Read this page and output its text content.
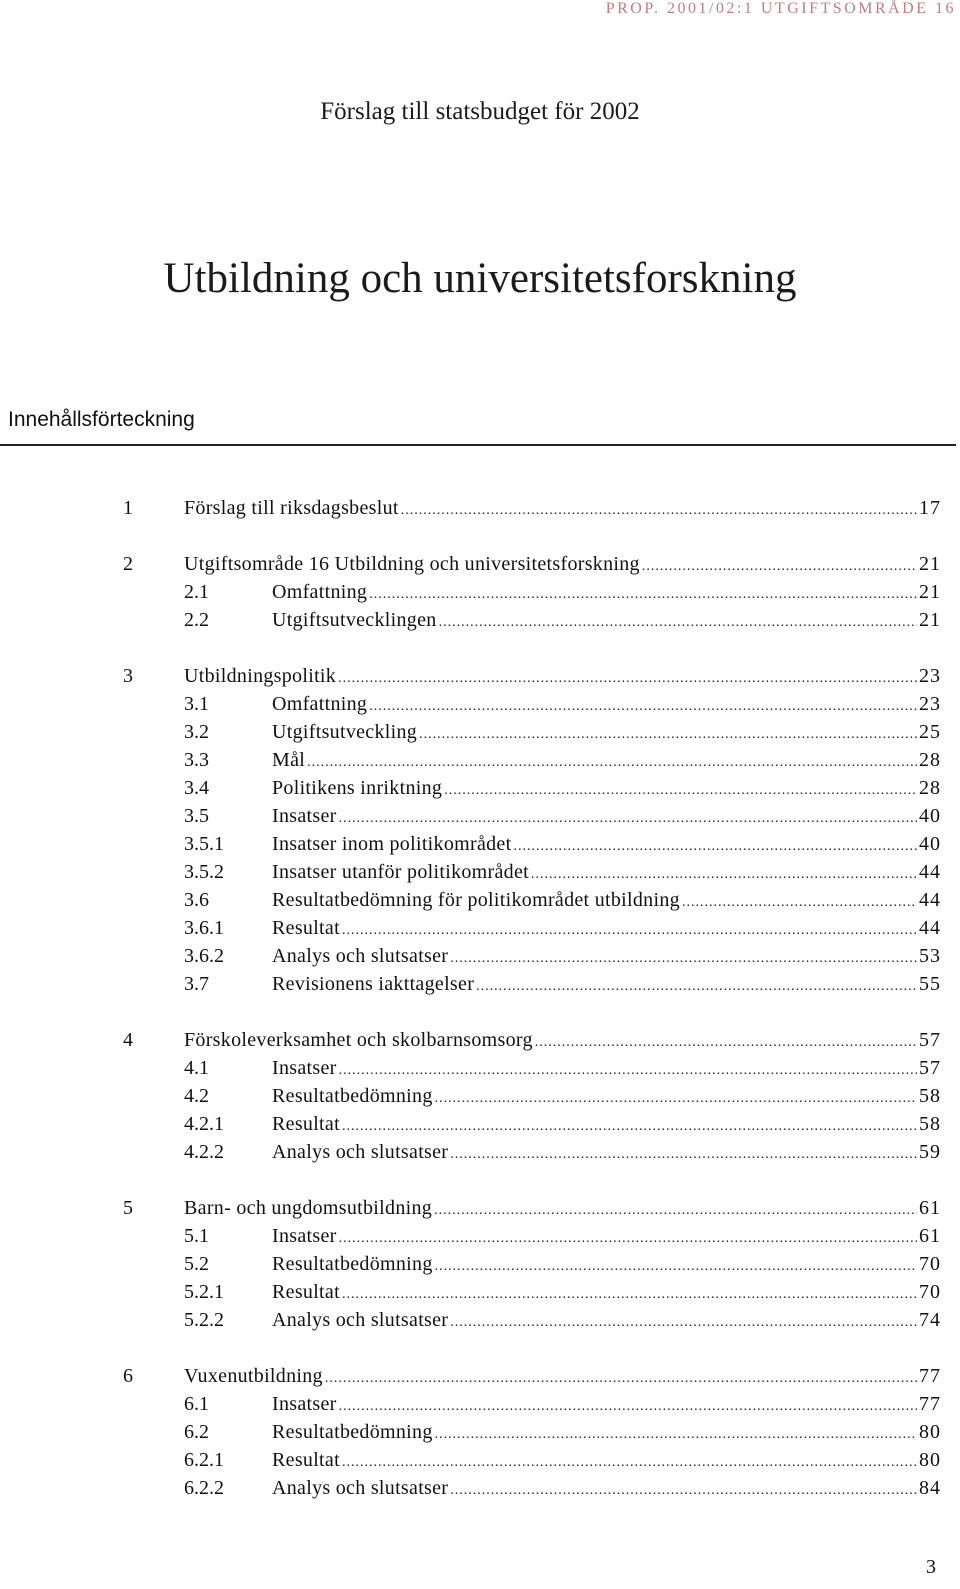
PROP. 2001/02:1 UTGIFTSOMRÅDE 16
Förslag till statsbudget för 2002
Utbildning och universitetsforskning
Innehållsförteckning
1	Förslag till riksdagsbeslut .....	17
2	Utgiftsområde 16 Utbildning och universitetsforskning .....	21
2.1	Omfattning .....	21
2.2	Utgiftsutvecklingen .....	21
3	Utbildningspolitik .....	23
3.1	Omfattning .....	23
3.2	Utgiftsutveckling .....	25
3.3	Mål .....	28
3.4	Politikens inriktning .....	28
3.5	Insatser .....	40
3.5.1 Insatser inom politikområdet .....	40
3.5.2 Insatser utanför politikområdet .....	44
3.6	Resultatbedömning för politikområdet utbildning .....	44
3.6.1 Resultat .....	44
3.6.2 Analys och slutsatser .....	53
3.7	Revisionens iakttagelser .....	55
4	Förskoleverksamhet och skolbarnsomsorg .....	57
4.1	Insatser .....	57
4.2	Resultatbedömning .....	58
4.2.1 Resultat .....	58
4.2.2 Analys och slutsatser .....	59
5	Barn- och ungdomsutbildning .....	61
5.1	Insatser .....	61
5.2	Resultatbedömning .....	70
5.2.1 Resultat .....	70
5.2.2 Analys och slutsatser .....	74
6	Vuxenutbildning .....	77
6.1	Insatser .....	77
6.2	Resultatbedömning .....	80
6.2.1 Resultat .....	80
6.2.2 Analys och slutsatser .....	84
3
